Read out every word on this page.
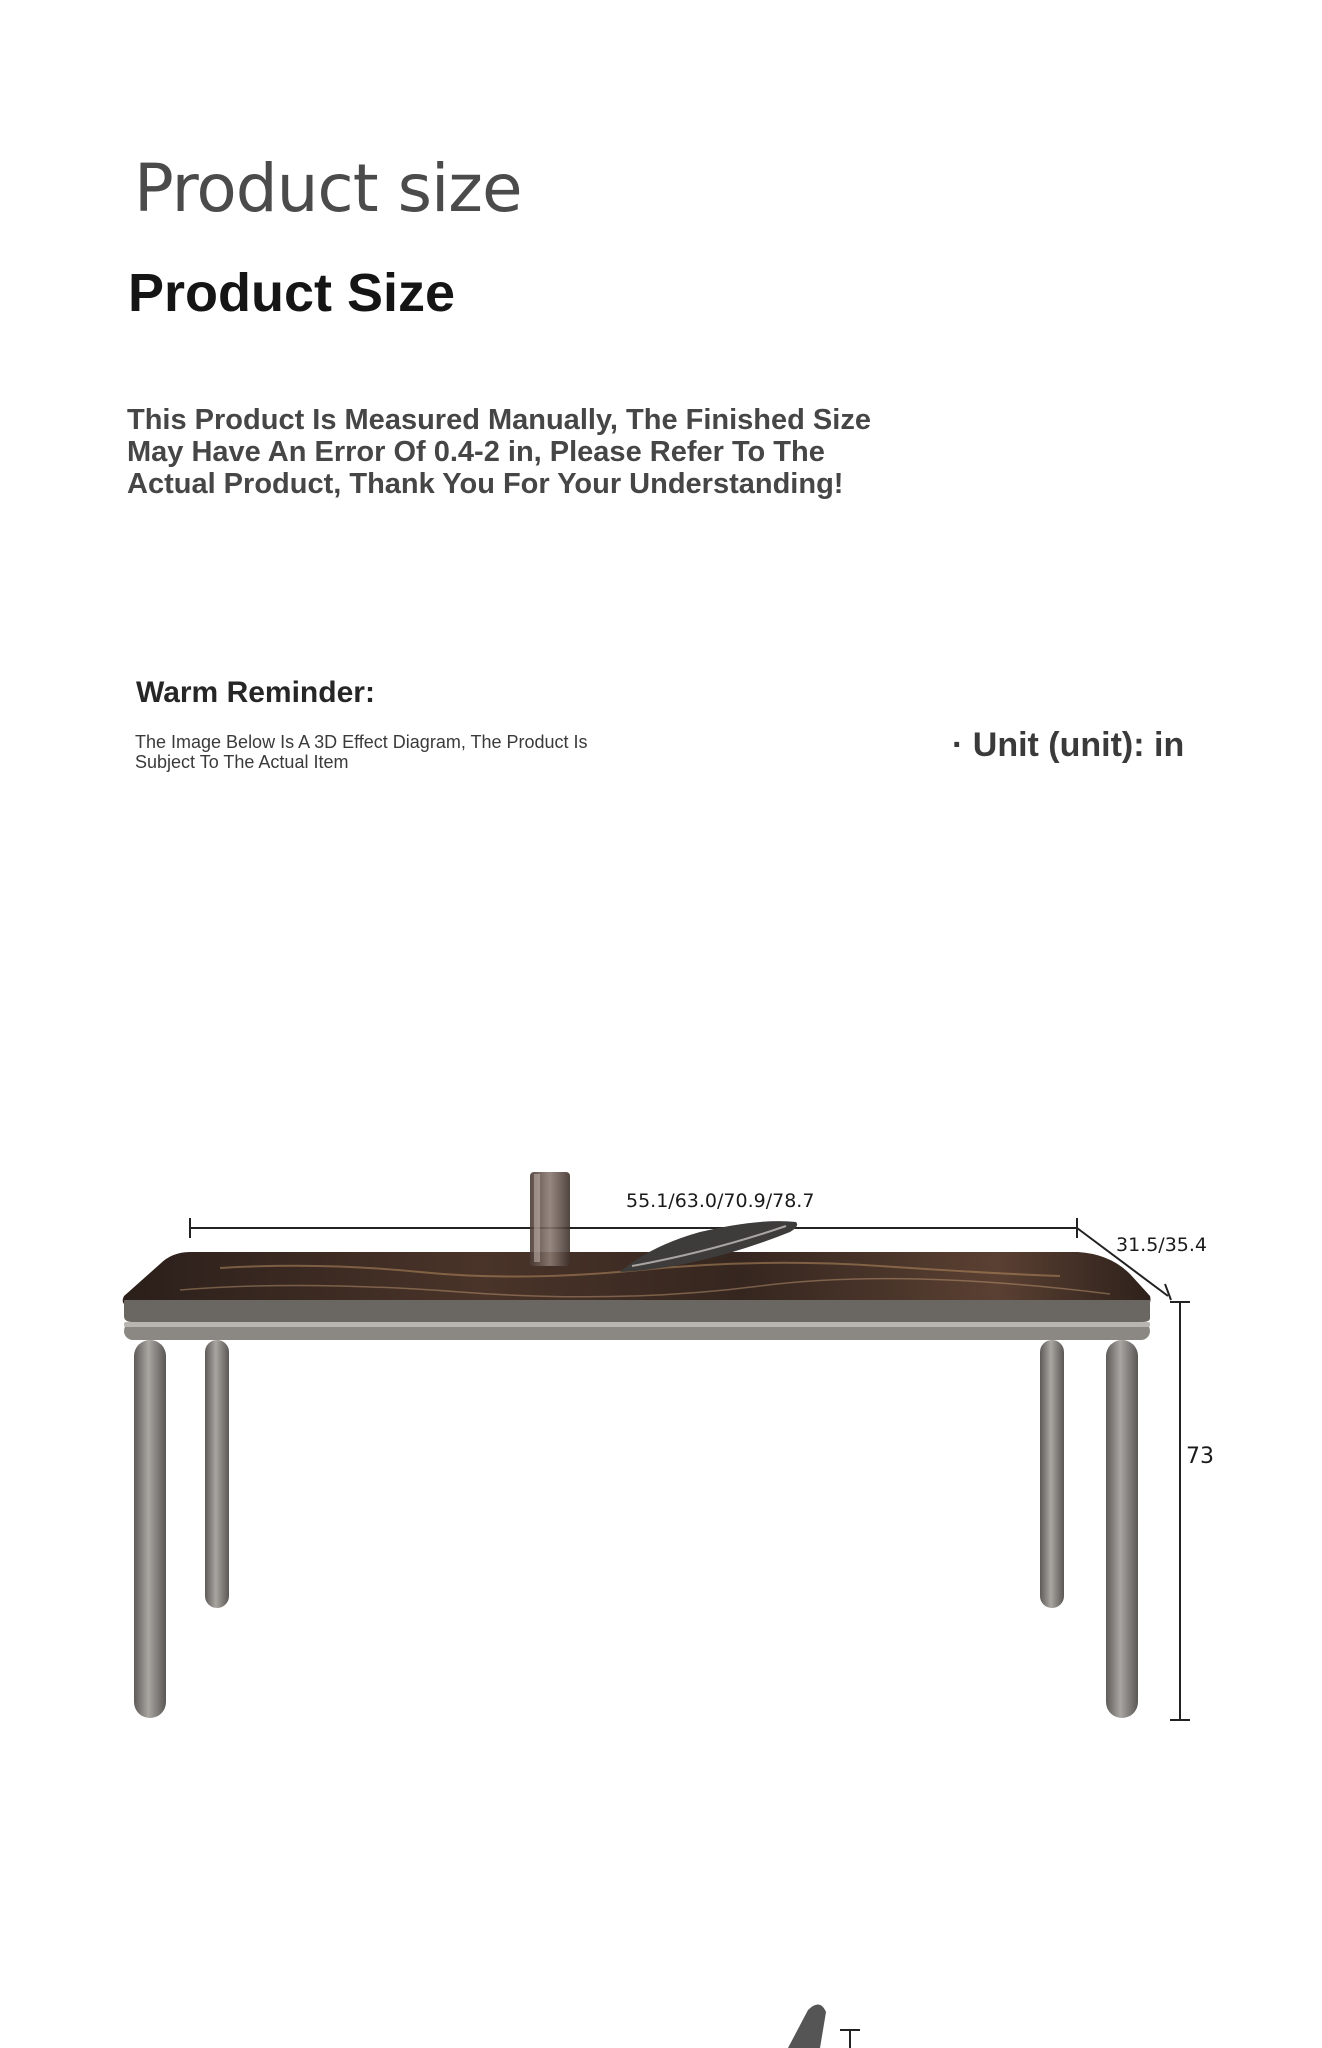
Product size
Product Size
This Product Is Measured Manually, The Finished Size
May Have An Error Of 0.4-2 in, Please Refer To The
Actual Product, Thank You For Your Understanding!
Warm Reminder:
The Image Below Is A 3D Effect Diagram, The Product Is
Subject To The Actual Item	· Unit (unit): in
55.1/63.0/70.9/78.7
31.5/35.4
73
